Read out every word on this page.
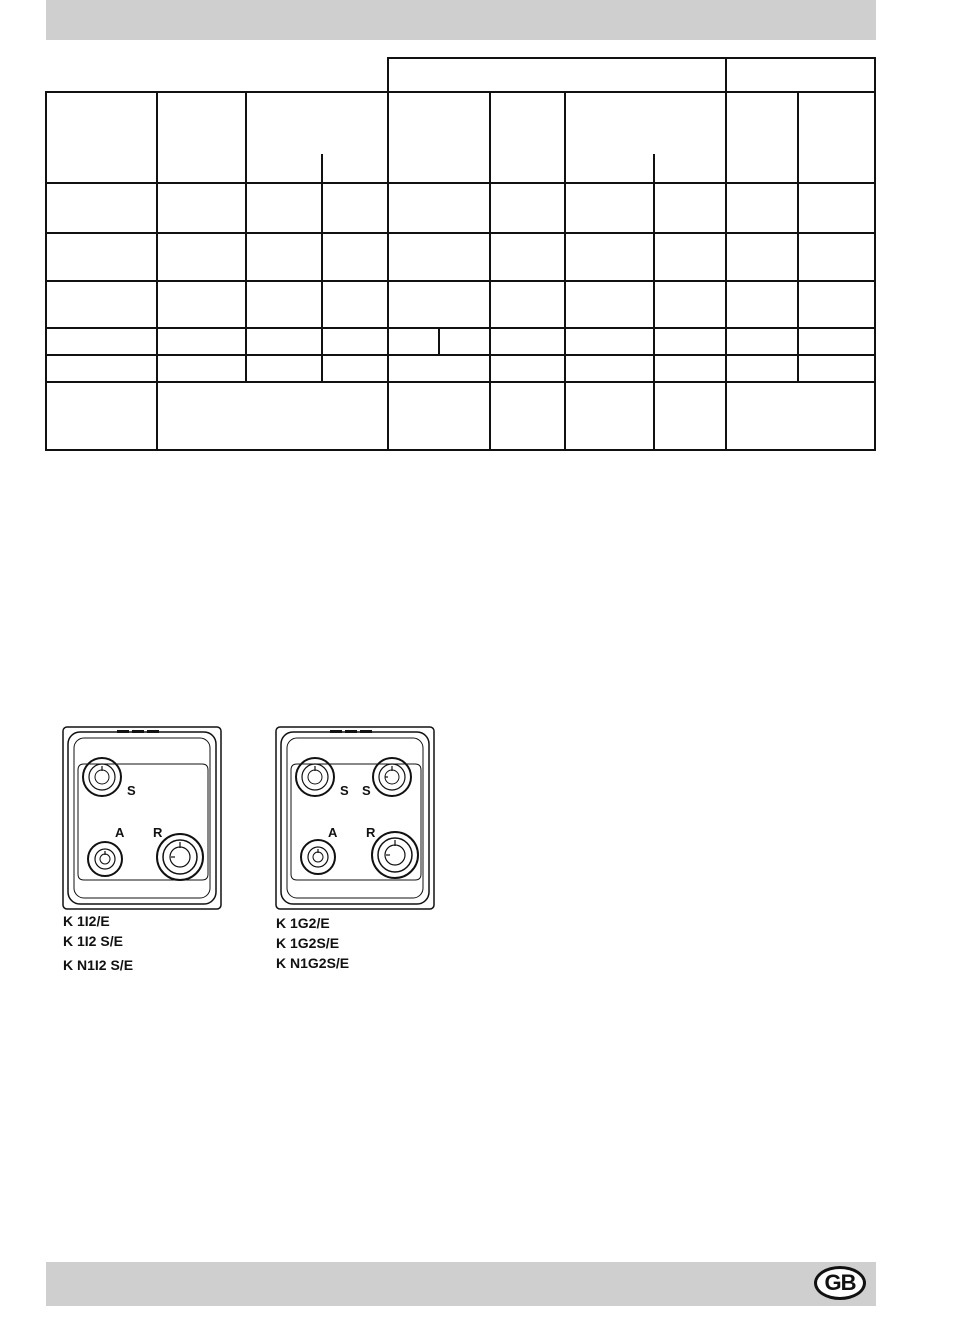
S
A R

K 1I2/E

K 1I2 S/E

K N1I2 S/E

S S
A R

K 1G2/E

K 1G2S/E

K N1G2S/E

GB
